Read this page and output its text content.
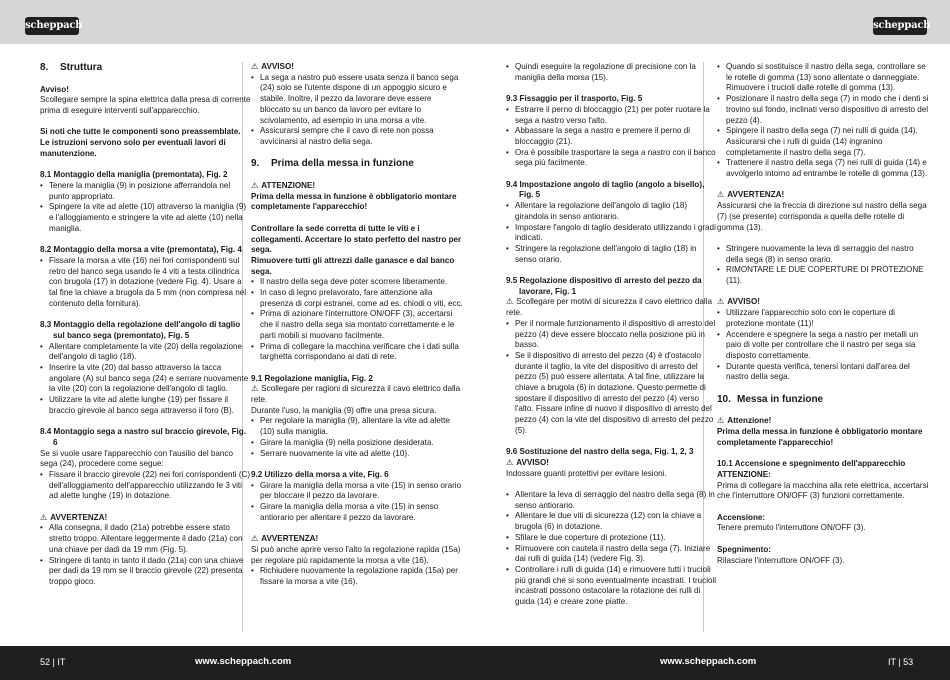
scheppach	scheppach
8. Struttura

Avviso!

Scollegare sempre la spina elettrica dalla presa di corrente prima di eseguire interventi sull'apparecchio.

Si noti che tutte le componenti sono preassemblate. Le istruzioni servono solo per eventuali lavori di manutenzione.

8.1 Montaggio della maniglia (premontata), Fig. 2
• Tenere la maniglia (9) in posizione afferrandola nel punto appropriato.
• Spingere la vite ad alette (10) attraverso la maniglia (9) e l'alloggiamento e stringere la vite ad alette (10) nella maniglia.
8.2 Montaggio della morsa a vite (premontata), Fig. 4
• Fissare la morsa a vite (16) nei fori corrispondenti sul retro del banco sega usando le 4 viti a testa cilindrica con brugola (17) in dotazione (vedere Fig. 4). Usare a tal fine la chiave a brugola da 5 mm (non compresa nel contenuto della fornitura).
8.3 Montaggio della regolazione dell'angolo di taglio sul banco sega (premontato), Fig. 5
• Allentare completamente la vite (20) della regolazione dell'angolo di taglio (18).
• Inserire la vite (20) dal basso attraverso la tacca angolare (A) sul banco sega (24) e serrare nuovamente la vite (20) con la regolazione dell'angolo di taglio.
• Utilizzare la vite ad alette lunghe (19) per fissare il braccio girevole al banco sega attraverso il foro (B).
8.4 Montaggio sega a nastro sul braccio girevole, Fig. 6

Se si vuole usare l'apparecchio con l'ausilio del banco sega (24), procedere come segue:

• Fissare il braccio girevole (22) nei fori corrispondenti (C) dell'alloggiamento dell'apparecchio utilizzando le 3 viti ad alette lunghe (19) in dotazione.
⚠ AVVERTENZA!
• Alla consegna, il dado (21a) potrebbe essere stato stretto troppo. Allentare leggermente il dado (21a) con una chiave per dadi da 19 mm (Fig. 5).
• Stringere di tanto in tanto il dado (21a) con una chiave per dadi da 19 mm se il braccio girevole (22) presenta troppo gioco.
⚠ AVVISO!
• La sega a nastro può essere usata senza il banco sega (24) solo se l'utente dispone di un appoggio sicuro e stabile. Inoltre, il pezzo da lavorare deve essere bloccato su un banco da lavoro per evitare lo scivolamento, ad esempio in una morsa a vite.
• Assicurarsi sempre che il cavo di rete non possa avvicinarsi al nastro della sega.
9. Prima della messa in funzione
⚠ ATTENZIONE!

Prima della messa in funzione è obbligatorio montare completamente l'apparecchio!

Controllare la sede corretta di tutte le viti e i collegamenti. Accertare lo stato perfetto del nastro per sega.

Rimuovere tutti gli attrezzi dalle ganasce e dal banco sega.

• Il nastro della sega deve poter scorrere liberamente.
• In caso di legno prelavorato, fare attenzione alla presenza di corpi estranei, come ad es. chiodi o viti, ecc.
• Prima di azionare l'interruttore ON/OFF (3), accertarsi che il nastro della sega sia montato correttamente e le parti mobili si muovano facilmente.
• Prima di collegare la macchina verificare che i dati sulla targhetta corrispondano ai dati di rete.
9.1 Regolazione maniglia, Fig. 2

⚠ Scollegare per ragioni di sicurezza il cavo elettrico dalla rete.

Durante l'uso, la maniglia (9) offre una presa sicura.

• Per regolare la maniglia (9), allentare la vite ad alette (10) sulla maniglia.
• Girare la maniglia (9) nella posizione desiderata.
• Serrare nuovamente la vite ad alette (10).
9.2 Utilizzo della morsa a vite, Fig. 6
• Girare la maniglia della morsa a vite (15) in senso orario per bloccare il pezzo da lavorare.
• Girare la maniglia della morsa a vite (15) in senso antiorario per allentare il pezzo da lavorare.
⚠ AVVERTENZA!

Si può anche aprire verso l'alto la regolazione rapida (15a) per regolare più rapidamente la morsa a vite (16).

• Richiudere nuovamente la regolazione rapida (15a) per fissare la morsa a vite (16).
• Quindi eseguire la regolazione di precisione con la maniglia della morsa (15).
9.3 Fissaggio per il trasporto, Fig. 5
• Estrarre il perno di bloccaggio (21) per poter ruotare la sega a nastro verso l'alto.
• Abbassare la sega a nastro e premere il perno di bloccaggio (21).
• Ora è possibile trasportare la sega a nastro con il banco sega più facilmente.
9.4 Impostazione angolo di taglio (angolo a bisello), Fig. 5
• Allentare la regolazione dell'angolo di taglio (18) girandola in senso antiorario.
• Impostare l'angolo di taglio desiderato utilizzando i gradi indicati.
• Stringere la regolazione dell'angolo di taglio (18) in senso orario.
9.5 Regolazione dispositivo di arresto del pezzo da lavorare, Fig. 1

⚠ Scollegare per motivi di sicurezza il cavo elettrico dalla rete.

• Per il normale funzionamento il dispositivo di arresto del pezzo (4) deve essere bloccato nella posizione più in basso.
• Se il dispositivo di arresto del pezzo (4) è d'ostacolo durante il taglio, la vite del dispositivo di arresto del pezzo (5) può essere allentata. A tal fine, utilizzare la chiave a brugola (6) in dotazione. Questo permette di spostare il dispositivo di arresto del pezzo (4) verso l'alto. Fissare infine di nuovo il dispositivo di arresto del pezzo (4) con la vite del dispositivo di arresto del pezzo (5).
9.6 Sostituzione del nastro della sega, Fig. 1, 2, 3
⚠ AVVISO!

Indossare guanti protettivi per evitare lesioni.

• Allentare la leva di serraggio del nastro della sega (8) in senso antiorario.
• Allentare le due viti di sicurezza (12) con la chiave a brugola (6) in dotazione.
• Sfilare le due coperture di protezione (11).
• Rimuovere con cautela il nastro della sega (7). Iniziare dai rulli di guida (14) (vedere Fig. 3).
• Controllare i rulli di guida (14) e rimuovere tutti i trucioli più grandi che si sono eventualmente incastrati. I trucioli incastrati possono ostacolare la rotazione dei rulli di guida (14) e creare zone piatte.
• Quando si sostituisce il nastro della sega, controllare se le rotelle di gomma (13) sono allentate o danneggiate. Rimuovere i trucioli dalle rotelle di gomma (13).
• Posizionare il nastro della sega (7) in modo che i denti si trovino sul fondo, inclinati verso dispositivo di arresto del pezzo (4).
• Spingere il nastro della sega (7) nei rulli di guida (14). Assicurarsi che i rulli di guida (14) ingranino completamente il nastro della sega (7).
• Trattenere il nastro della sega (7) nei rulli di guida (14) e avvolgerlo intorno ad entrambe le rotelle di gomma (13).
⚠ AVVERTENZA!

Assicurarsi che la freccia di direzione sul nastro della sega (7) (se presente) corrisponda a quella delle rotelle di gomma (13).

• Stringere nuovamente la leva di serraggio del nastro della sega (8) in senso orario.
• RIMONTARE LE DUE COPERTURE DI PROTEZIONE (11).
⚠ AVVISO!
• Utilizzare l'apparecchio solo con le coperture di protezione montate (11)!
• Accendere e spegnere la sega a nastro per metalli un paio di volte per controllare che il nastro per sega sia disposto correttamente.
• Durante questa verifica, tenersi lontani dall'area del nastro della sega.
10. Messa in funzione
⚠ Attenzione!

Prima della messa in funzione è obbligatorio montare completamente l'apparecchio!

10.1 Accensione e spegnimento dell'apparecchio
ATTENZIONE:

Prima di collegare la macchina alla rete elettrica, accertarsi che l'interruttore ON/OFF (3) funzioni correttamente.

Accensione:

Tenere premuto l'interruttore ON/OFF (3).

Spegnimento:

Rilasciare l'interruttore ON/OFF (3).

52 | IT	www.scheppach.com	www.scheppach.com	IT | 53
